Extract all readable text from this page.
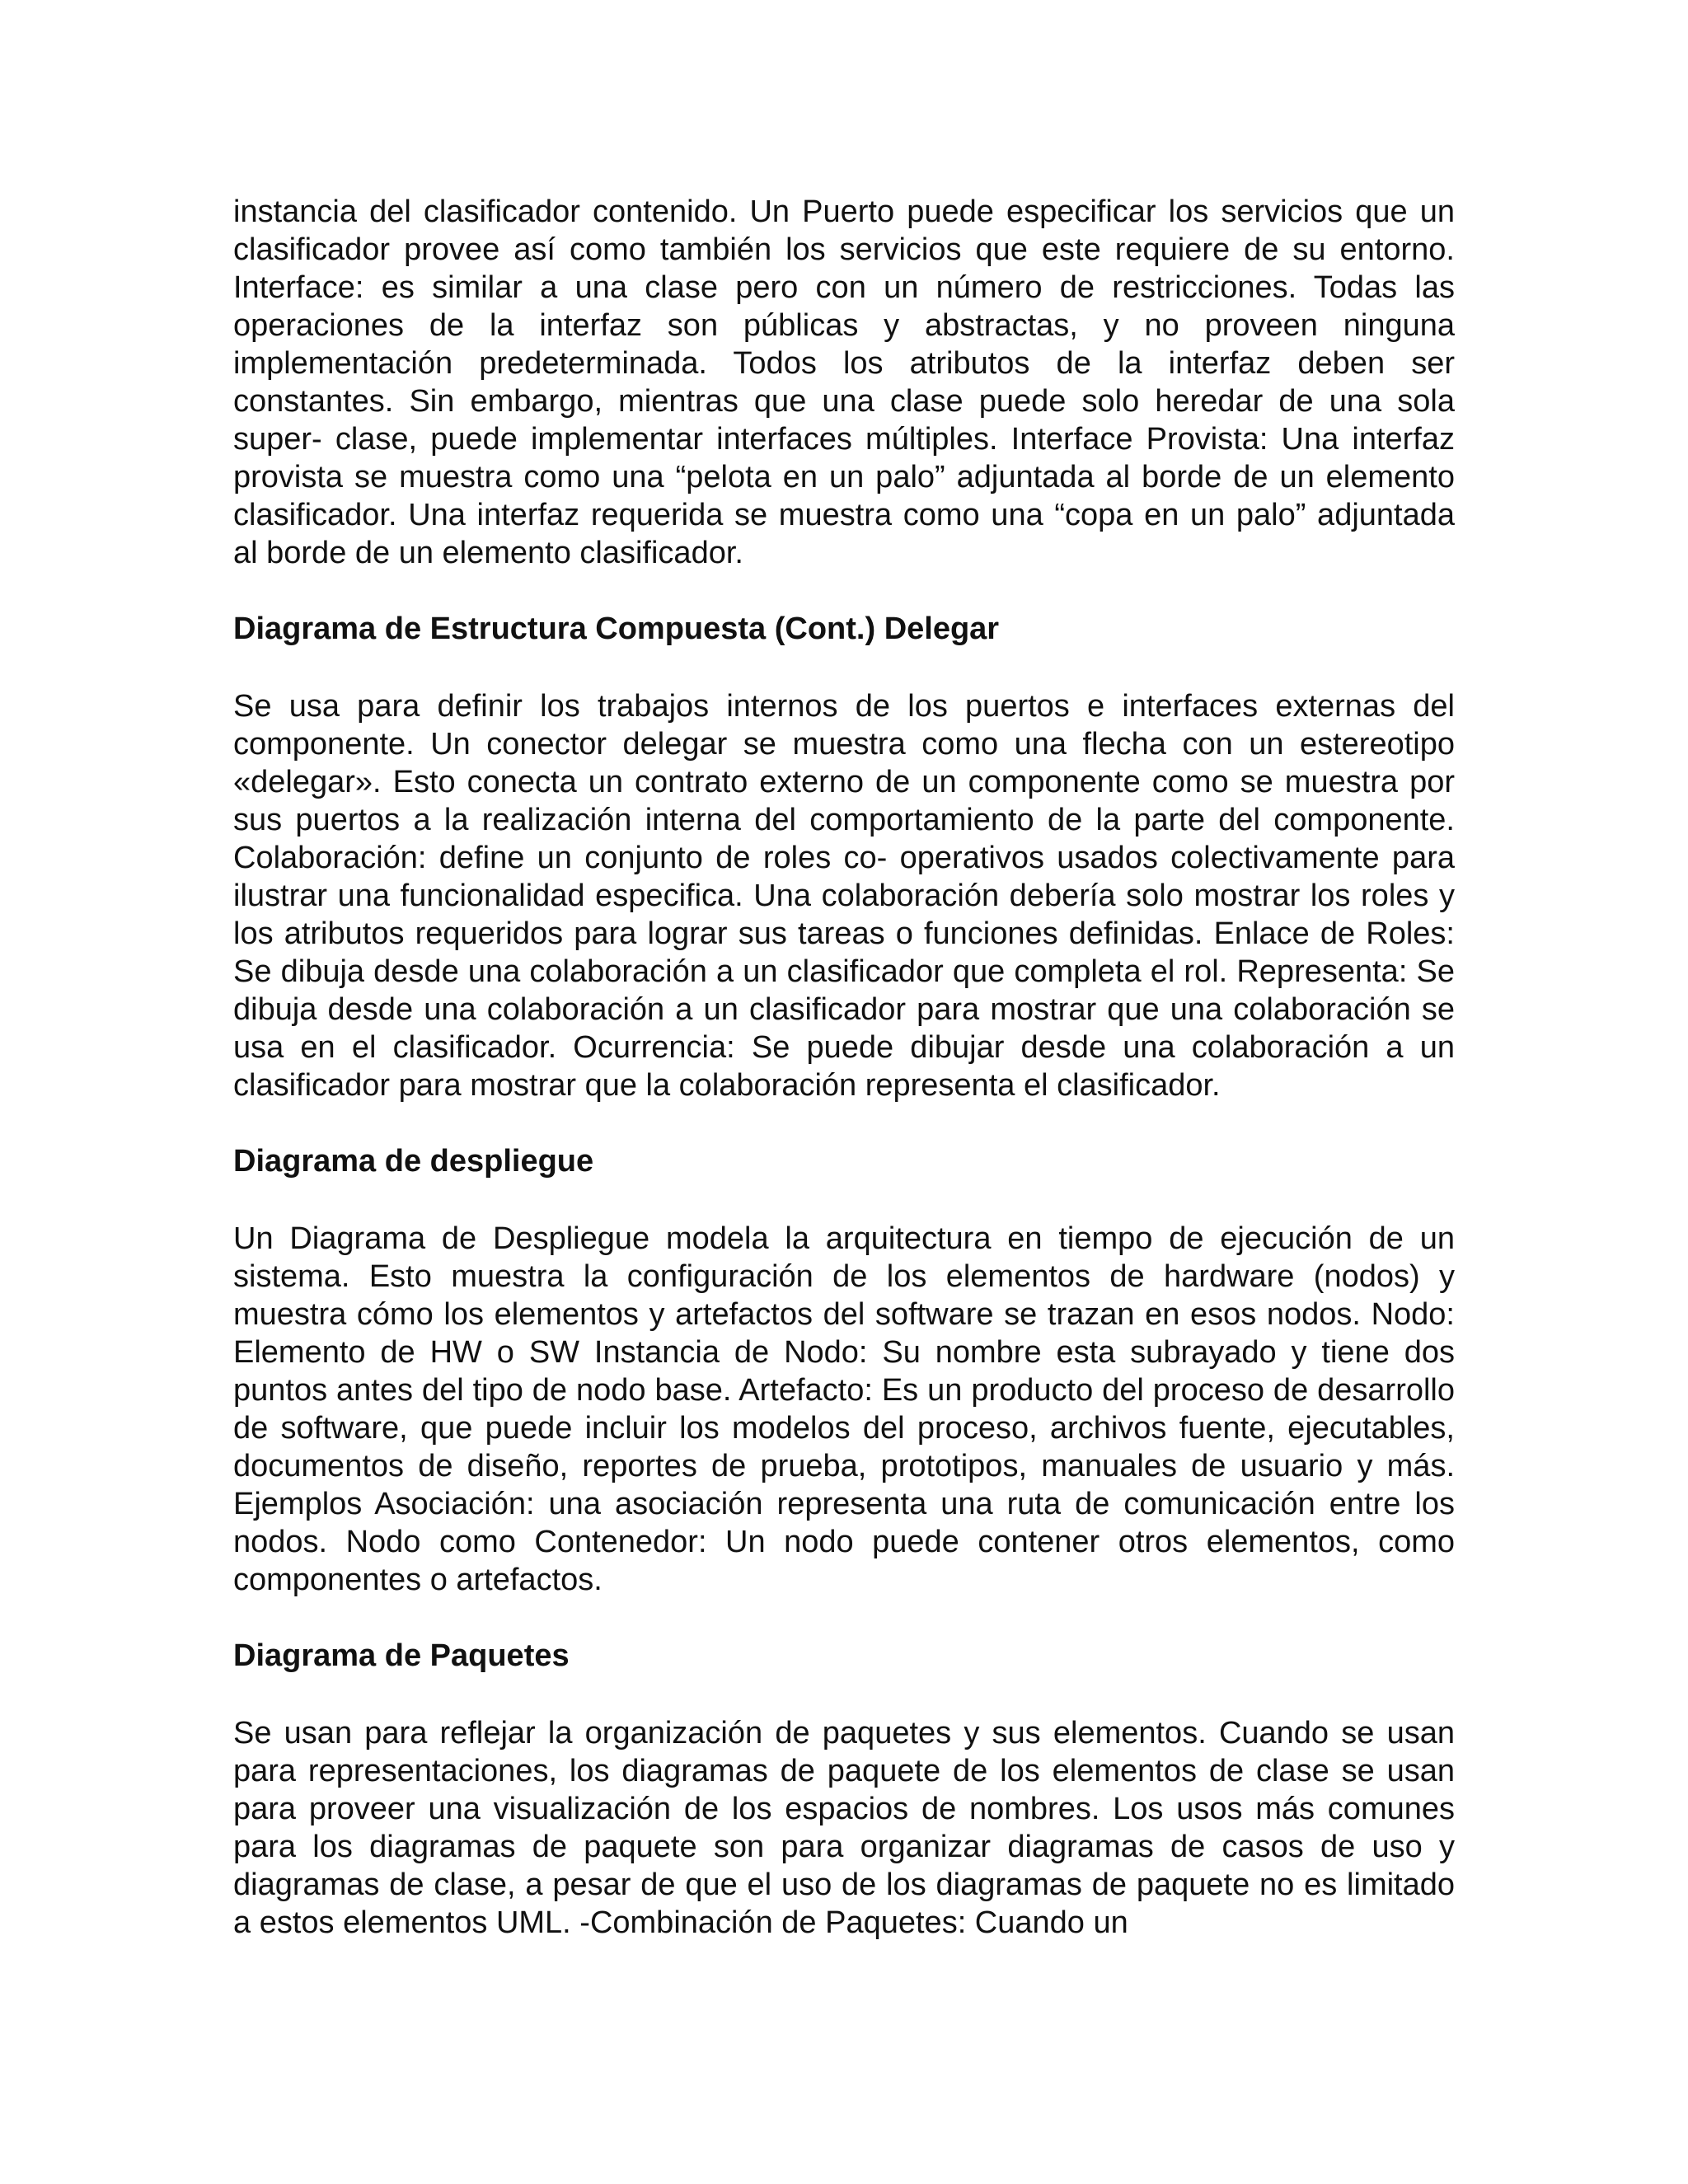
instancia del clasificador contenido. Un Puerto puede especificar los servicios que un clasificador provee así como también los servicios que este requiere de su entorno. Interface: es similar a una clase pero con un número de restricciones. Todas las operaciones de la interfaz son públicas y abstractas, y no proveen ninguna implementación predeterminada. Todos los atributos de la interfaz deben ser constantes. Sin embargo, mientras que una clase puede solo heredar de una sola super- clase, puede implementar interfaces múltiples. Interface Provista: Una interfaz provista se muestra como una “pelota en un palo” adjuntada al borde de un elemento clasificador. Una interfaz requerida se muestra como una “copa en un palo” adjuntada al borde de un elemento clasificador.

Diagrama de Estructura Compuesta (Cont.) Delegar

Se usa para definir los trabajos internos de los puertos e interfaces externas del componente. Un conector delegar se muestra como una flecha con un estereotipo «delegar». Esto conecta un contrato externo de un componente como se muestra por sus puertos a la realización interna del comportamiento de la parte del componente. Colaboración: define un conjunto de roles co- operativos usados colectivamente para ilustrar una funcionalidad especifica. Una colaboración debería solo mostrar los roles y los atributos requeridos para lograr sus tareas o funciones definidas. Enlace de Roles: Se dibuja desde una colaboración a un clasificador que completa el rol. Representa: Se dibuja desde una colaboración a un clasificador para mostrar que una colaboración se usa en el clasificador. Ocurrencia: Se puede dibujar desde una colaboración a un clasificador para mostrar que la colaboración representa el clasificador.

Diagrama de despliegue

Un Diagrama de Despliegue modela la arquitectura en tiempo de ejecución de un sistema. Esto muestra la configuración de los elementos de hardware (nodos) y muestra cómo los elementos y artefactos del software se trazan en esos nodos. Nodo: Elemento de HW o SW Instancia de Nodo: Su nombre esta subrayado y tiene dos puntos antes del tipo de nodo base. Artefacto: Es un producto del proceso de desarrollo de software, que puede incluir los modelos del proceso, archivos fuente, ejecutables, documentos de diseño, reportes de prueba, prototipos, manuales de usuario y más. Ejemplos Asociación: una asociación representa una ruta de comunicación entre los nodos. Nodo como Contenedor: Un nodo puede contener otros elementos, como componentes o artefactos.

Diagrama de Paquetes

Se usan para reflejar la organización de paquetes y sus elementos. Cuando se usan para representaciones, los diagramas de paquete de los elementos de clase se usan para proveer una visualización de los espacios de nombres. Los usos más comunes para los diagramas de paquete son para organizar diagramas de casos de uso y diagramas de clase, a pesar de que el uso de los diagramas de paquete no es limitado a estos elementos UML. -Combinación de Paquetes: Cuando un
